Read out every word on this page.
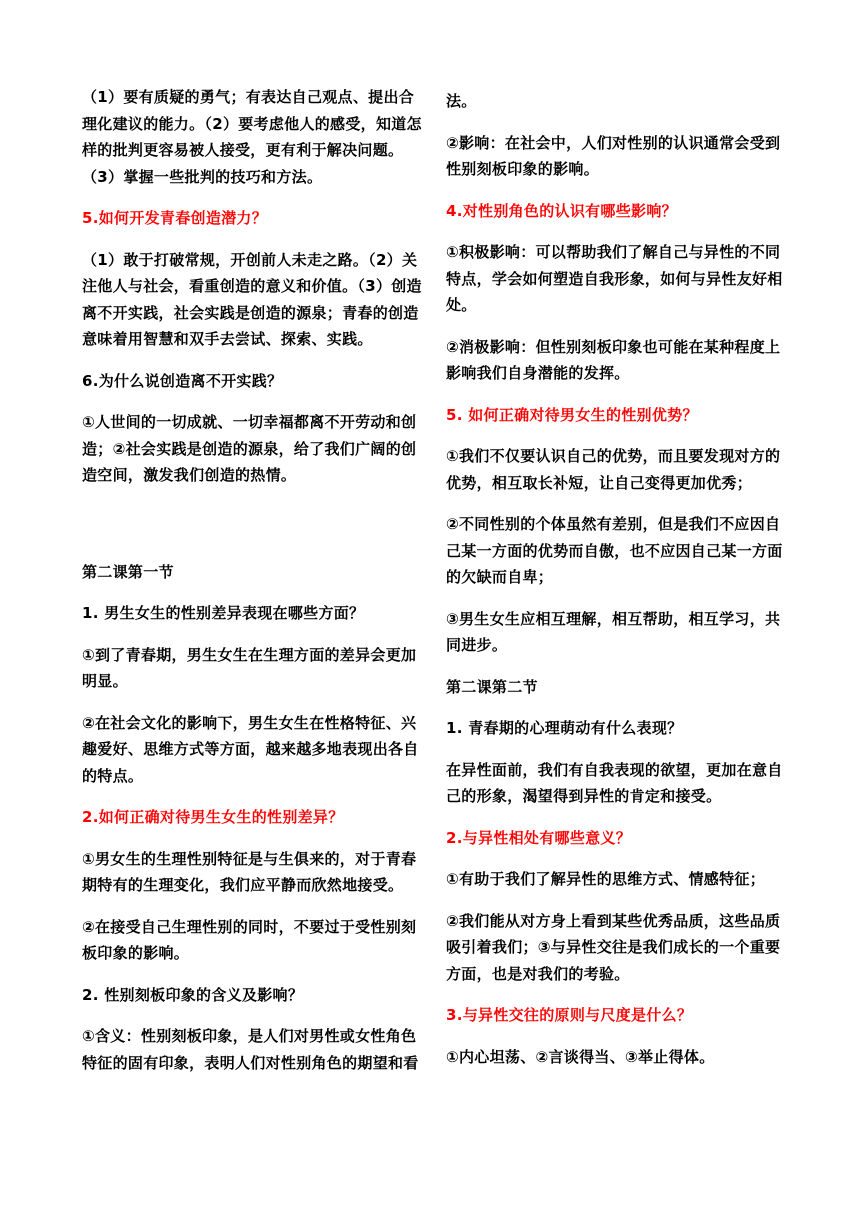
（1）要有质疑的勇气；有表达自己观点、提出合理化建议的能力。（2）要考虑他人的感受，知道怎样的批判更容易被人接受，更有利于解决问题。（3）掌握一些批判的技巧和方法。

5.如何开发青春创造潜力？

（1）敢于打破常规，开创前人未走之路。（2）关注他人与社会，看重创造的意义和价值。（3）创造离不开实践，社会实践是创造的源泉；青春的创造意味着用智慧和双手去尝试、探索、实践。

6.为什么说创造离不开实践？

①人世间的一切成就、一切幸福都离不开劳动和创造；②社会实践是创造的源泉，给了我们广阔的创造空间，激发我们创造的热情。

第二课第一节

1. 男生女生的性别差异表现在哪些方面？

①到了青春期，男生女生在生理方面的差异会更加明显。

②在社会文化的影响下，男生女生在性格特征、兴趣爱好、思维方式等方面，越来越多地表现出各自的特点。

2.如何正确对待男生女生的性别差异？

①男女生的生理性别特征是与生俱来的，对于青春期特有的生理变化，我们应平静而欣然地接受。

②在接受自己生理性别的同时，不要过于受性别刻板印象的影响。

2. 性别刻板印象的含义及影响？

①含义：性别刻板印象，是人们对男性或女性角色特征的固有印象，表明人们对性别角色的期望和看

法。

②影响：在社会中，人们对性别的认识通常会受到性别刻板印象的影响。

4.对性别角色的认识有哪些影响？

①积极影响：可以帮助我们了解自己与异性的不同特点，学会如何塑造自我形象，如何与异性友好相处。

②消极影响：但性别刻板印象也可能在某种程度上影响我们自身潜能的发挥。

5. 如何正确对待男女生的性别优势？

①我们不仅要认识自己的优势，而且要发现对方的优势，相互取长补短，让自己变得更加优秀；

②不同性别的个体虽然有差别，但是我们不应因自己某一方面的优势而自傲，也不应因自己某一方面的欠缺而自卑；

③男生女生应相互理解，相互帮助，相互学习，共同进步。

第二课第二节

1. 青春期的心理萌动有什么表现？

在异性面前，我们有自我表现的欲望，更加在意自己的形象，渴望得到异性的肯定和接受。

2.与异性相处有哪些意义？

①有助于我们了解异性的思维方式、情感特征；

②我们能从对方身上看到某些优秀品质，这些品质吸引着我们；③与异性交往是我们成长的一个重要方面，也是对我们的考验。

3.与异性交往的原则与尺度是什么？

①内心坦荡、②言谈得当、③举止得体。
